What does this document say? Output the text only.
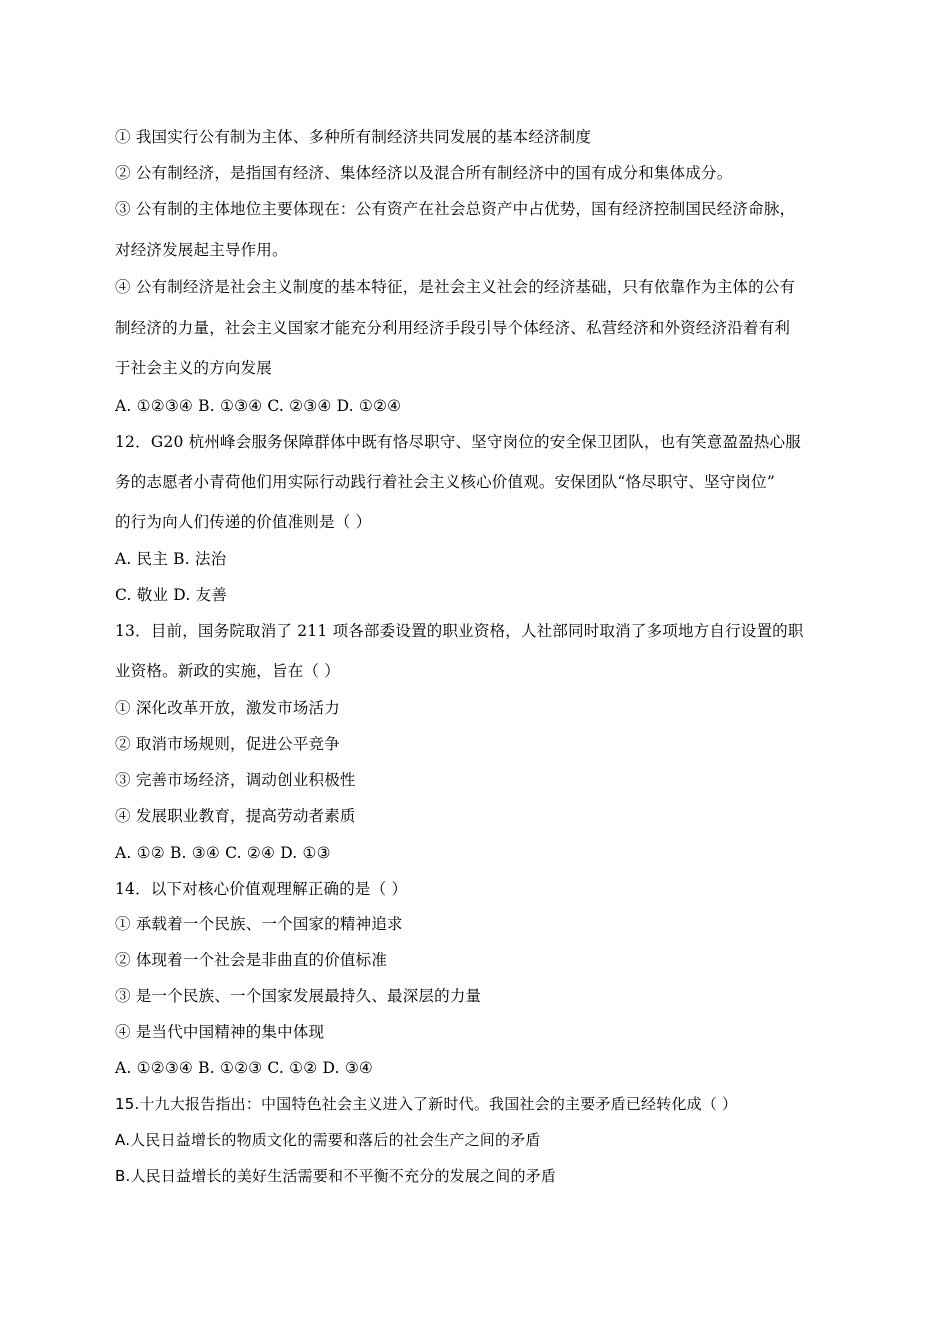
① 我国实行公有制为主体、多种所有制经济共同发展的基本经济制度
② 公有制经济，是指国有经济、集体经济以及混合所有制经济中的国有成分和集体成分。
③ 公有制的主体地位主要体现在：公有资产在社会总资产中占优势，国有经济控制国民经济命脉，
对经济发展起主导作用。
④ 公有制经济是社会主义制度的基本特征，是社会主义社会的经济基础，只有依靠作为主体的公有
制经济的力量，社会主义国家才能充分利用经济手段引导个体经济、私营经济和外资经济沿着有利
于社会主义的方向发展
A. ①②③④ B. ①③④ C. ②③④ D. ①②④
12．G20 杭州峰会服务保障群体中既有恪尽职守、坚守岗位的安全保卫团队，也有笑意盈盈热心服
务的志愿者小青荷他们用实际行动践行着社会主义核心价值观。安保团队“恪尽职守、坚守岗位”
的行为向人们传递的价值准则是（ ）
A. 民主 B. 法治
C. 敬业 D. 友善
13．目前，国务院取消了 211 项各部委设置的职业资格，人社部同时取消了多项地方自行设置的职
业资格。新政的实施，旨在（ ）
① 深化改革开放，激发市场活力
② 取消市场规则，促进公平竞争
③ 完善市场经济，调动创业积极性
④ 发展职业教育，提高劳动者素质
A. ①② B. ③④ C. ②④ D. ①③
14．以下对核心价值观理解正确的是（ ）
① 承载着一个民族、一个国家的精神追求
② 体现着一个社会是非曲直的价值标准
③ 是一个民族、一个国家发展最持久、最深层的力量
④ 是当代中国精神的集中体现
A. ①②③④ B. ①②③ C. ①② D. ③④
15.十九大报告指出：中国特色社会主义进入了新时代。我国社会的主要矛盾已经转化成（ ）
A.人民日益增长的物质文化的需要和落后的社会生产之间的矛盾
B.人民日益增长的美好生活需要和不平衡不充分的发展之间的矛盾
